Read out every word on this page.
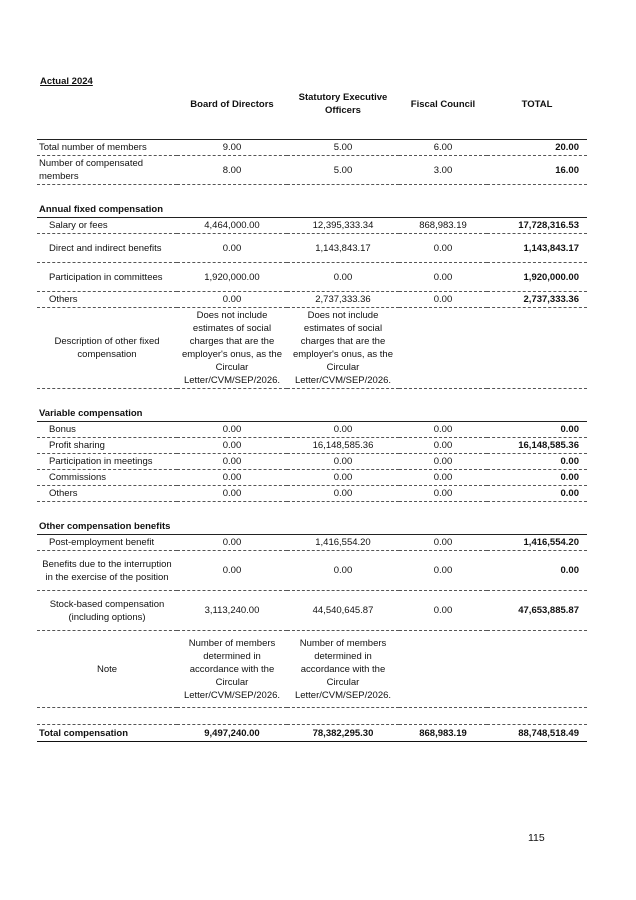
Actual 2024
	Board of Directors	Statutory Executive Officers	Fiscal Council	TOTAL

Total number of members	9.00	5.00	6.00	20.00
Number of compensated members	8.00	5.00	3.00	16.00

Annual fixed compensation				
Salary or fees	4,464,000.00	12,395,333.34	868,983.19	17,728,316.53
Direct and indirect benefits	0.00	1,143,843.17	0.00	1,143,843.17
Participation in committees	1,920,000.00	0.00	0.00	1,920,000.00
Others	0.00	2,737,333.36	0.00	2,737,333.36
Description of other fixed compensation	Does not include estimates of social charges that are the employer's onus, as the Circular Letter/CVM/SEP/2026.	Does not include estimates of social charges that are the employer's onus, as the Circular Letter/CVM/SEP/2026.		

Variable compensation				
Bonus	0.00	0.00	0.00	0.00
Profit sharing	0.00	16,148,585.36	0.00	16,148,585.36
Participation in meetings	0.00	0.00	0.00	0.00
Commissions	0.00	0.00	0.00	0.00
Others	0.00	0.00	0.00	0.00

Other compensation benefits				
Post-employment benefit	0.00	1,416,554.20	0.00	1,416,554.20
Benefits due to the interruption in the exercise of the position	0.00	0.00	0.00	0.00
Stock-based compensation (including options)	3,113,240.00	44,540,645.87	0.00	47,653,885.87
Note	Number of members determined in accordance with the Circular Letter/CVM/SEP/2026.	Number of members determined in accordance with the Circular Letter/CVM/SEP/2026.		

Total compensation	9,497,240.00	78,382,295.30	868,983.19	88,748,518.49
115
